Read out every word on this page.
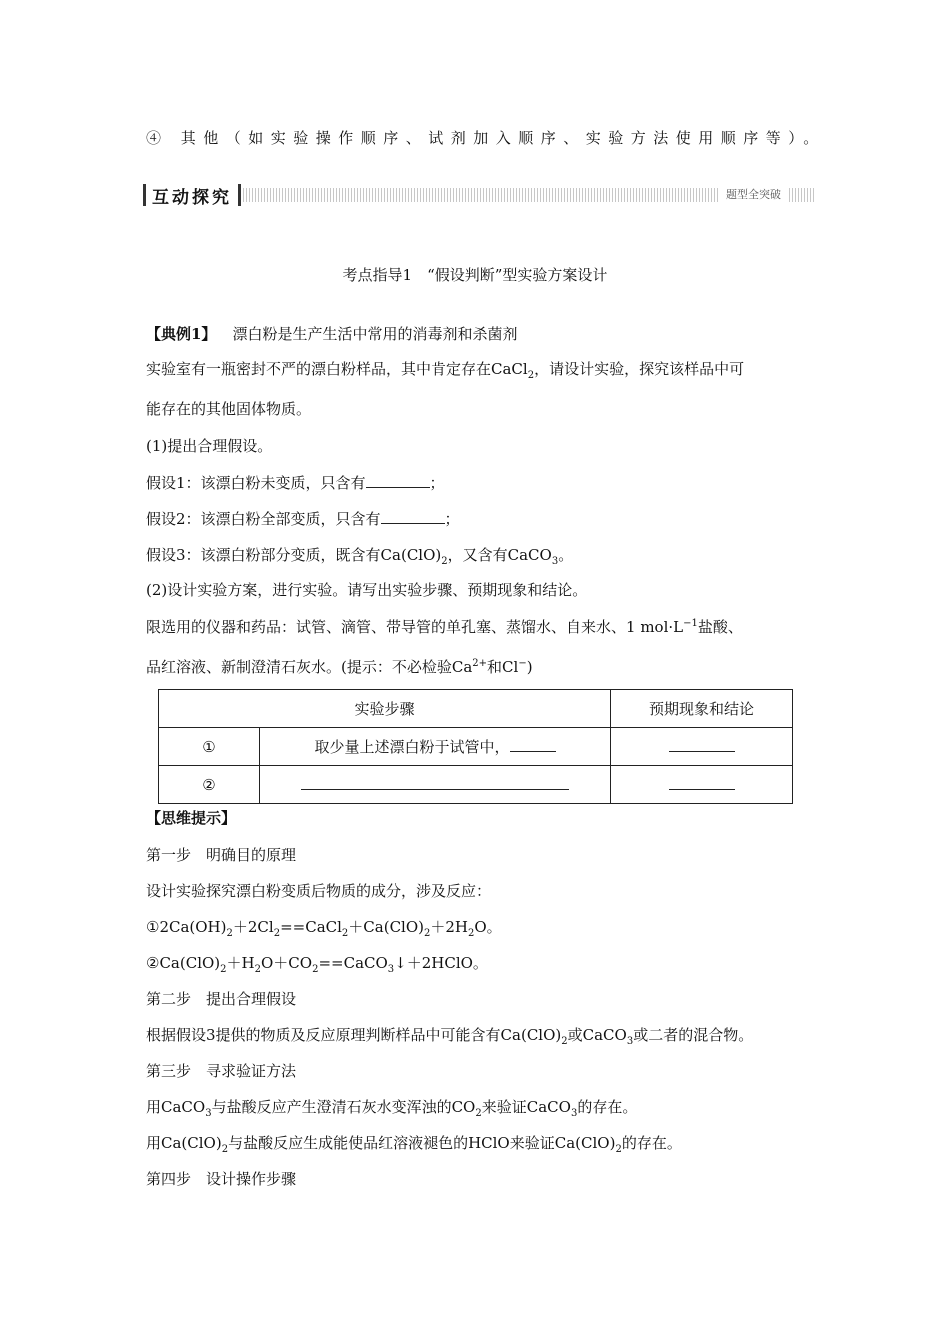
④ 其他（如实验操作顺序、试剂加入顺序、实验方法使用顺序等）。
互动探究	题型全突破
考点指导1　“假设判断”型实验方案设计
【典例1】 漂白粉是生产生活中常用的消毒剂和杀菌剂
实验室有一瓶密封不严的漂白粉样品，其中肯定存在CaCl$_2$，请设计实验，探究该样品中可
能存在的其他固体物质。
(1)提出合理假设。
假设1：该漂白粉未变质，只含有	；
假设2：该漂白粉全部变质，只含有	；
假设3：该漂白粉部分变质，既含有$Ca(ClO)_2$，又含有CaCO$_3$。
(2)设计实验方案，进行实验。请写出实验步骤、预期现象和结论。
限选用的仪器和药品：试管、滴管、带导管的单孔塞、蒸馏水、自来水、1 $mol\cdot L^{-1}$盐酸、
品红溶液、新制澄清石灰水。(提示：不必检验$Ca^{2+}$和Cl−)
实验步骤		预期现象和结论
①	取少量上述漂白粉于试管中，	
②		
【思维提示】
第一步　明确目的原理
设计实验探究漂白粉变质后物质的成分，涉及反应：
$①2Ca(OH)_2+2Cl_2==CaCl_2+Ca(ClO)_2+2H_2O$。
$②Ca(ClO)_2+H_2O+CO_2==CaCO_3↓+2HClO$。
第二步　提出合理假设
根据假设3提供的物质及反应原理判断样品中可能含有$Ca(ClO)_2$或CaCO$_3$或二者的混合物。
第三步　寻求验证方法
用CaCO$_3$与盐酸反应产生澄清石灰水变浑浊的$CO_2$来验证CaCO$_3$的存在。
用$Ca(ClO)_2$与盐酸反应生成能使品红溶液褪色的HClO来验证$Ca(ClO)_2$的存在。
第四步　设计操作步骤
